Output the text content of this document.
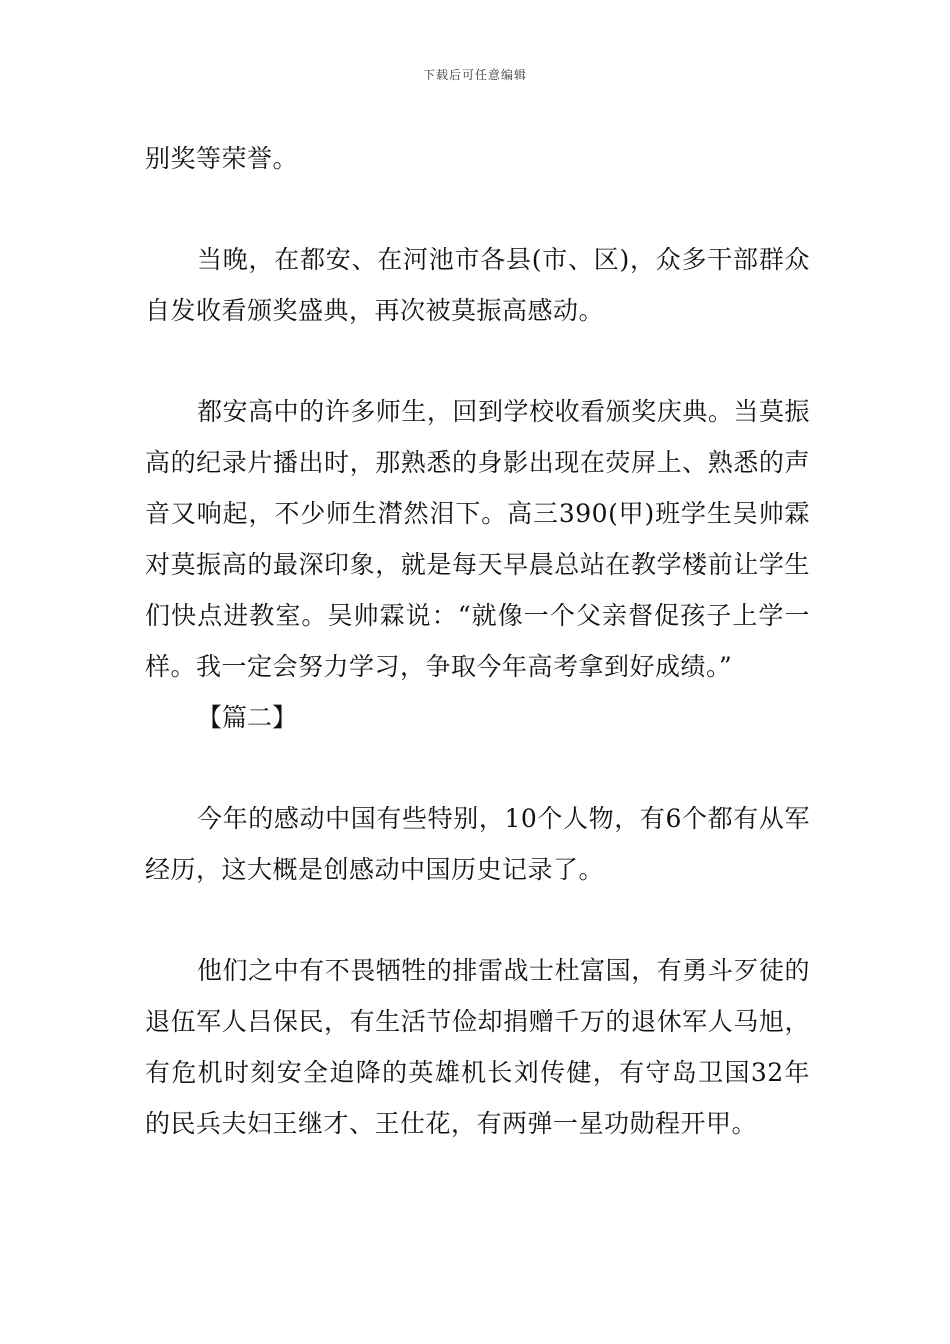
下载后可任意编辑

别奖等荣誉。

当晚，在都安、在河池市各县(市、区)，众多干部群众自发收看颁奖盛典，再次被莫振高感动。

都安高中的许多师生，回到学校收看颁奖庆典。当莫振高的纪录片播出时，那熟悉的身影出现在荧屏上、熟悉的声音又响起，不少师生潸然泪下。高三390(甲)班学生吴帅霖对莫振高的最深印象，就是每天早晨总站在教学楼前让学生们快点进教室。吴帅霖说：“就像一个父亲督促孩子上学一样。我一定会努力学习，争取今年高考拿到好成绩。”

【篇二】

今年的感动中国有些特别，10个人物，有6个都有从军经历，这大概是创感动中国历史记录了。

他们之中有不畏牺牲的排雷战士杜富国，有勇斗歹徒的退伍军人吕保民，有生活节俭却捐赠千万的退休军人马旭，有危机时刻安全迫降的英雄机长刘传健，有守岛卫国32年的民兵夫妇王继才、王仕花，有两弹一星功勋程开甲。
